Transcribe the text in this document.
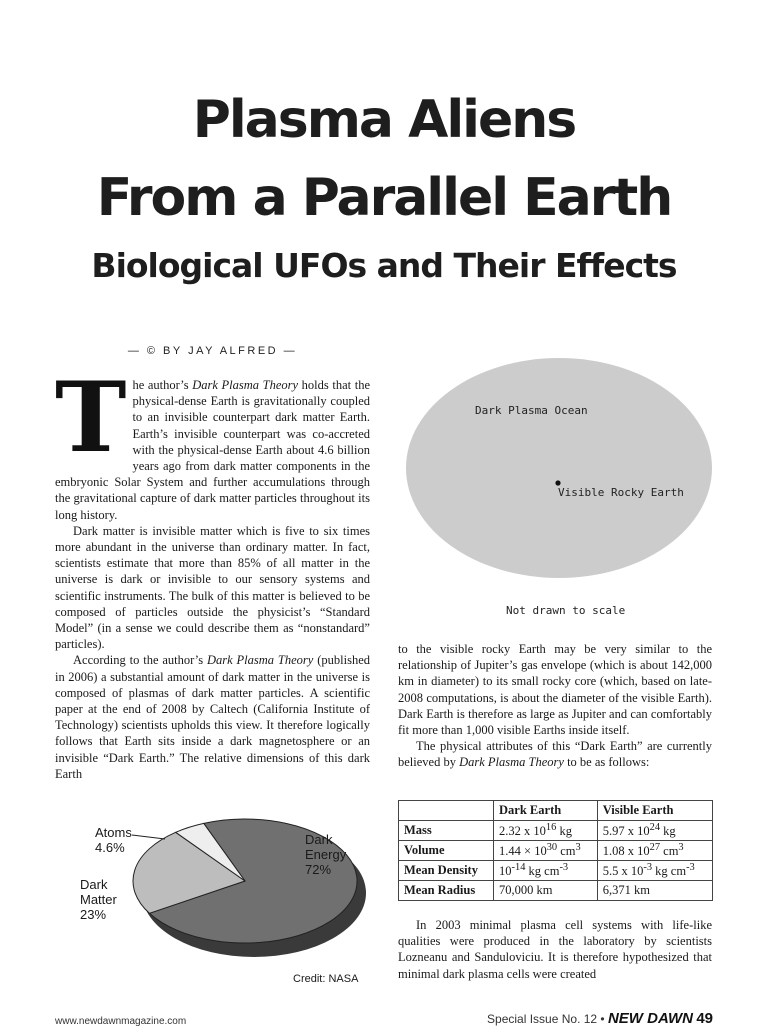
Plasma Aliens
From a Parallel Earth
Biological UFOs and Their Effects
— © BY JAY ALFRED —

The author’s Dark Plasma Theory holds that the physical-dense Earth is gravitationally coupled to an invisible counterpart dark matter Earth. Earth’s invisible counterpart was co-accreted with the physical-dense Earth about 4.6 billion years ago from dark matter components in the embryonic Solar System and further accumulations through the gravitational capture of dark matter particles throughout its long history.

Dark matter is invisible matter which is five to six times more abundant in the universe than ordinary matter. In fact, scientists estimate that more than 85% of all matter in the universe is dark or invisible to our sensory systems and scientific instruments. The bulk of this matter is believed to be composed of particles outside the physicist’s “Standard Model” (in a sense we could describe them as “nonstandard” particles).

According to the author’s Dark Plasma Theory (published in 2006) a substantial amount of dark matter in the universe is composed of plasmas of dark matter particles. A scientific paper at the end of 2008 by Caltech (California Institute of Technology) scientists upholds this view. It therefore logically follows that Earth sits inside a dark magnetosphere or an invisible “Dark Earth.” The relative dimensions of this dark Earth

Dark Plasma Ocean
Visible Rocky Earth
Not drawn to scale

to the visible rocky Earth may be very similar to the relationship of Jupiter’s gas envelope (which is about 142,000 km in diameter) to its small rocky core (which, based on late-2008 computations, is about the diameter of the visible Earth). Dark Earth is therefore as large as Jupiter and can comfortably fit more than 1,000 visible Earths inside itself.

The physical attributes of this “Dark Earth” are currently believed by Dark Plasma Theory to be as follows:

	Dark Earth	Visible Earth
Mass	2.32 x $10^{16}$ kg	5.97 x $10^{24}$ kg
Volume	$1.44 \times 10^{30}$ $cm^3$	1.08 x $10^{27}$ $cm^3$
Mean Density	$10^{-14}$ kg $cm^{-3}$	5.5 x $10^{-3}$ kg $cm^{-3}$
Mean Radius	70,000 km	6,371 km

In 2003 minimal plasma cell systems with life-like qualities were produced in the laboratory by scientists Lozneanu and Sanduloviciu. It is therefore hypothesized that minimal dark plasma cells were created

Atoms
4.6%
Dark
Matter
23%
Dark
Energy
72%
Credit: NASA
www.newdawnmagazine.com	Special Issue No. 12 • NEW DAWN 49
